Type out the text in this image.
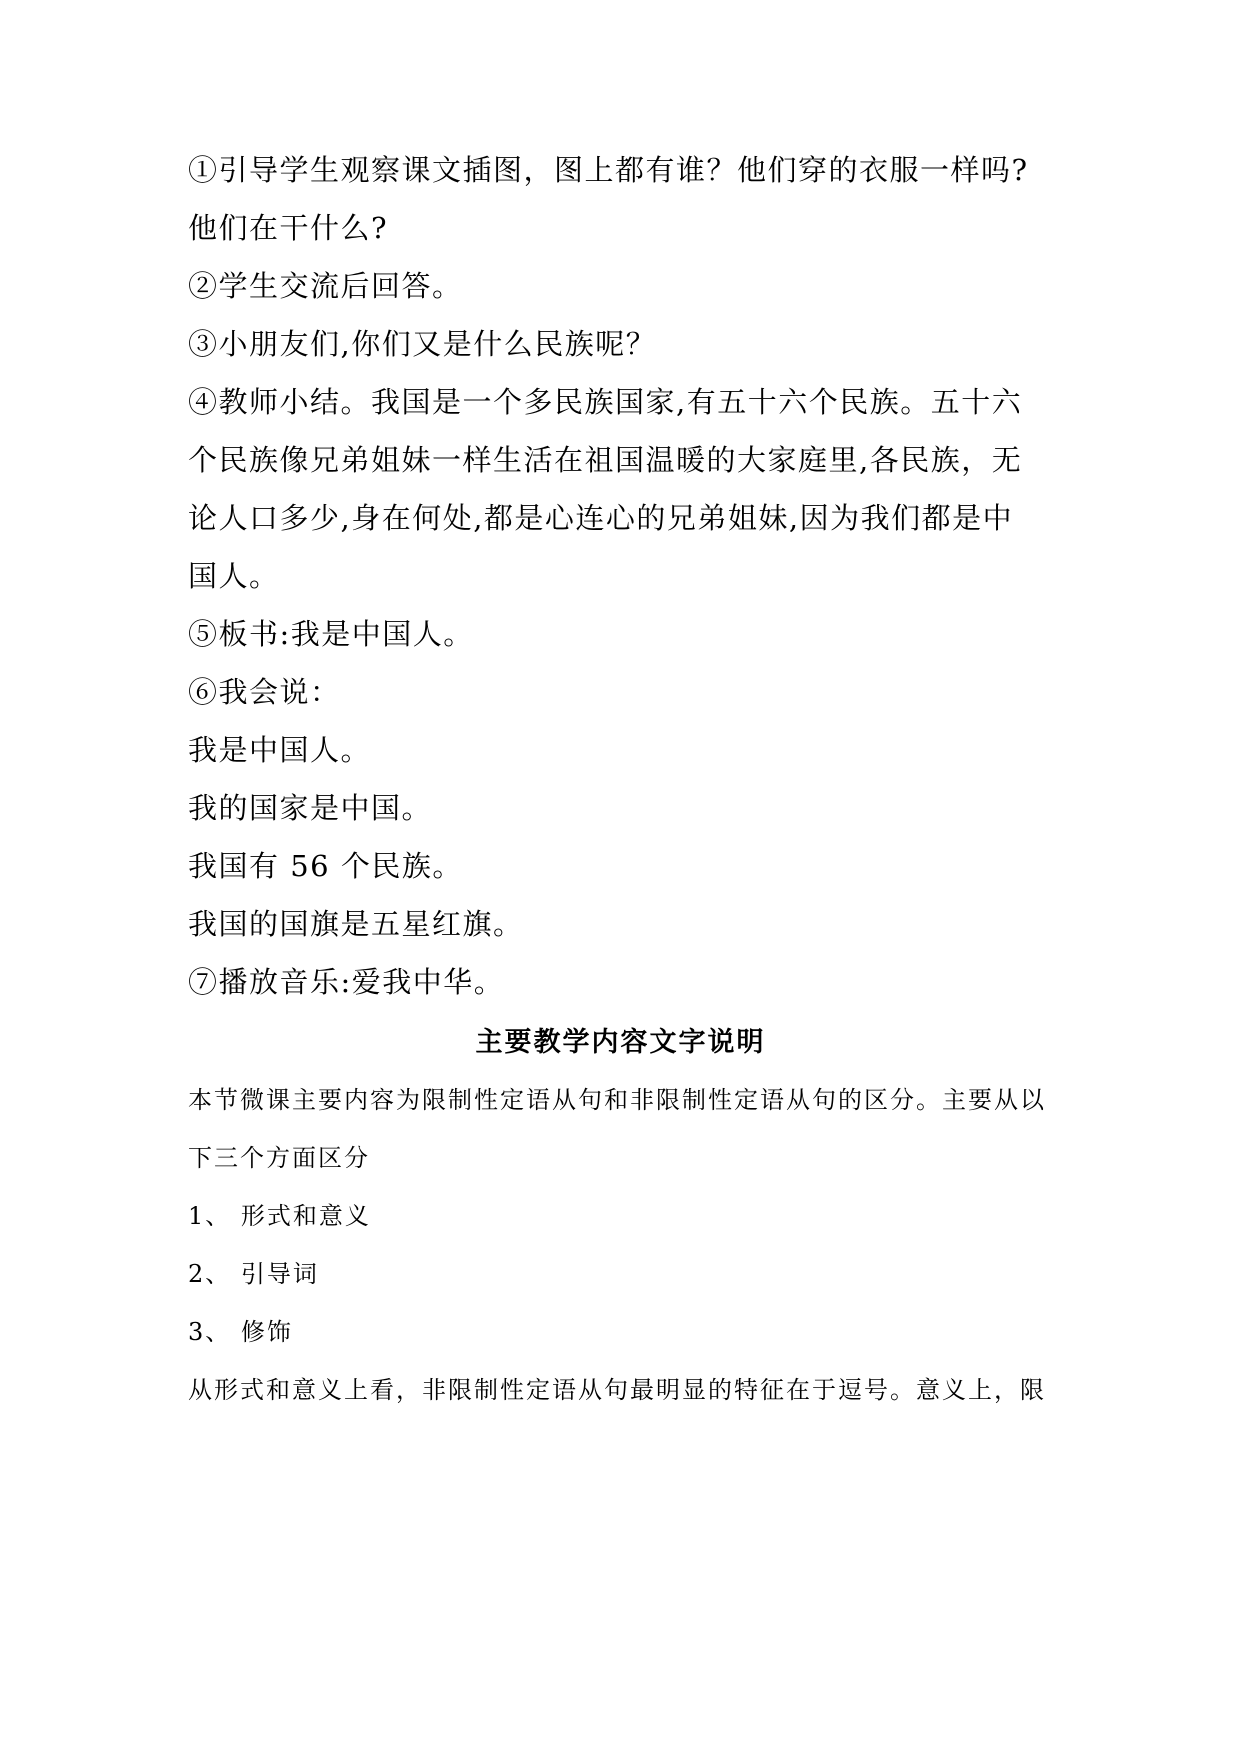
①引导学生观察课文插图，图上都有谁？他们穿的衣服一样吗?
他们在干什么?
②学生交流后回答。
③小朋友们,你们又是什么民族呢？
④教师小结。我国是一个多民族国家,有五十六个民族。五十六
个民族像兄弟姐妹一样生活在祖国温暖的大家庭里,各民族，无
论人口多少,身在何处,都是心连心的兄弟姐妹,因为我们都是中
国人。
⑤板书:我是中国人。
⑥我会说：
我是中国人。
我的国家是中国。
我国有 56 个民族。
我国的国旗是五星红旗。
⑦播放音乐:爱我中华。
主要教学内容文字说明
本节微课主要内容为限制性定语从句和非限制性定语从句的区分。主要从以
下三个方面区分
1、 形式和意义
2、 引导词
3、 修饰
从形式和意义上看，非限制性定语从句最明显的特征在于逗号。意义上，限
